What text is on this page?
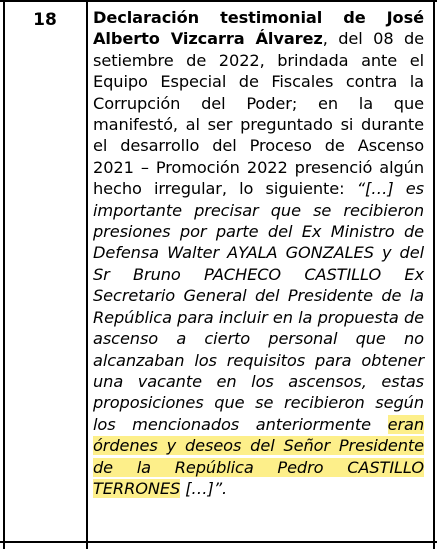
18 Declaración testimonial de José Alberto Vizcarra Álvarez, del 08 de setiembre de 2022, brindada ante el Equipo Especial de Fiscales contra la Corrupción del Poder; en la que manifestó, al ser preguntado si durante el desarrollo del Proceso de Ascenso 2021 – Promoción 2022 presenció algún hecho irregular, lo siguiente: “[…] es importante precisar que se recibieron presiones por parte del Ex Ministro de Defensa Walter AYALA GONZALES y del Sr Bruno PACHECO CASTILLO Ex Secretario General del Presidente de la República para incluir en la propuesta de ascenso a cierto personal que no alcanzaban los requisitos para obtener una vacante en los ascensos, estas proposiciones que se recibieron según los mencionados anteriormente eran órdenes y deseos del Señor Presidente de la República Pedro CASTILLO TERRONES […]”.
